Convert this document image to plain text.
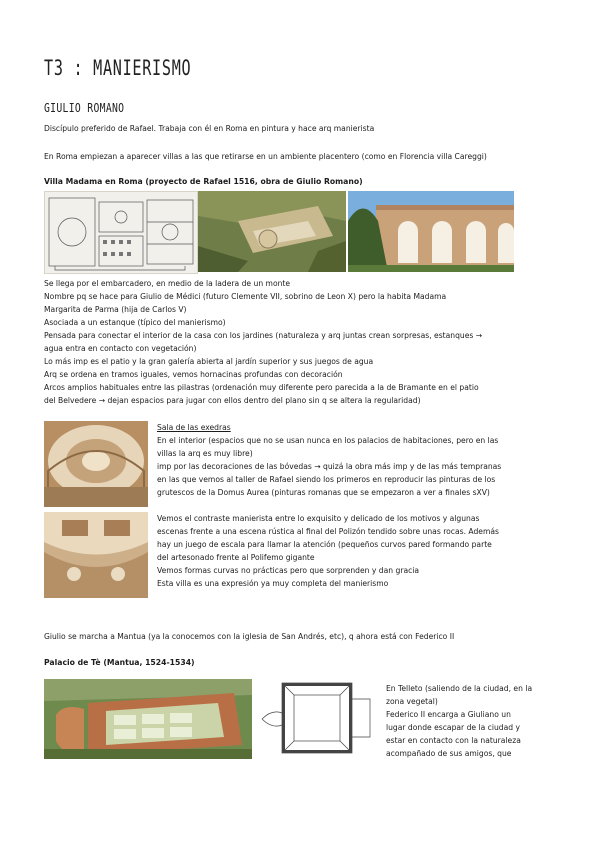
T3 : MANIERISMO
GIULIO ROMANO
Discípulo preferido de Rafael. Trabaja con él en Roma en pintura y hace arq manierista
En Roma empiezan a aparecer villas a las que retirarse en un ambiente placentero (como en Florencia villa Careggi)
Villa Madama en Roma (proyecto de Rafael 1516, obra de Giulio Romano)
Se llega por el embarcadero, en medio de la ladera de un monte
Nombre pq se hace para Giulio de Médici (futuro Clemente VII, sobrino de Leon X) pero la habita Madama
Margarita de Parma (hija de Carlos V)
Asociada a un estanque (típico del manierismo)
Pensada para conectar el interior de la casa con los jardines (naturaleza y arq juntas crean sorpresas, estanques →
agua entra en contacto con vegetación)
Lo más imp es el patio y la gran galería abierta al jardín superior y sus juegos de agua
Arq se ordena en tramos iguales, vemos hornacinas profundas con decoración
Arcos amplios habituales entre las pilastras (ordenación muy diferente pero parecida a la de Bramante en el patio
del Belvedere → dejan espacios para jugar con ellos dentro del plano sin q se altera la regularidad)
Sala de las exedras
En el interior (espacios que no se usan nunca en los palacios de habitaciones, pero en las
villas la arq es muy libre)
imp por las decoraciones de las bóvedas → quizá la obra más imp y de las más tempranas
en las que vemos al taller de Rafael siendo los primeros en reproducir las pinturas de los
grutescos de la Domus Aurea (pinturas romanas que se empezaron a ver a finales sXV)
Vemos el contraste manierista entre lo exquisito y delicado de los motivos y algunas
escenas frente a una escena rústica al final del Polizón tendido sobre unas rocas. Además
hay un juego de escala para llamar la atención (pequeños curvos pared formando parte
del artesonado frente al Polifemo gigante
Vemos formas curvas no prácticas pero que sorprenden y dan gracia
Esta villa es una expresión ya muy completa del manierismo
Giulio se marcha a Mantua (ya la conocemos con la iglesia de San Andrés, etc), q ahora está con Federico II
Palacio de Tè (Mantua, 1524-1534)
En Telleto (saliendo de la ciudad, en la
zona vegetal)
Federico II encarga a Giuliano un
lugar donde escapar de la ciudad y
estar en contacto con la naturaleza
acompañado de sus amigos, que
